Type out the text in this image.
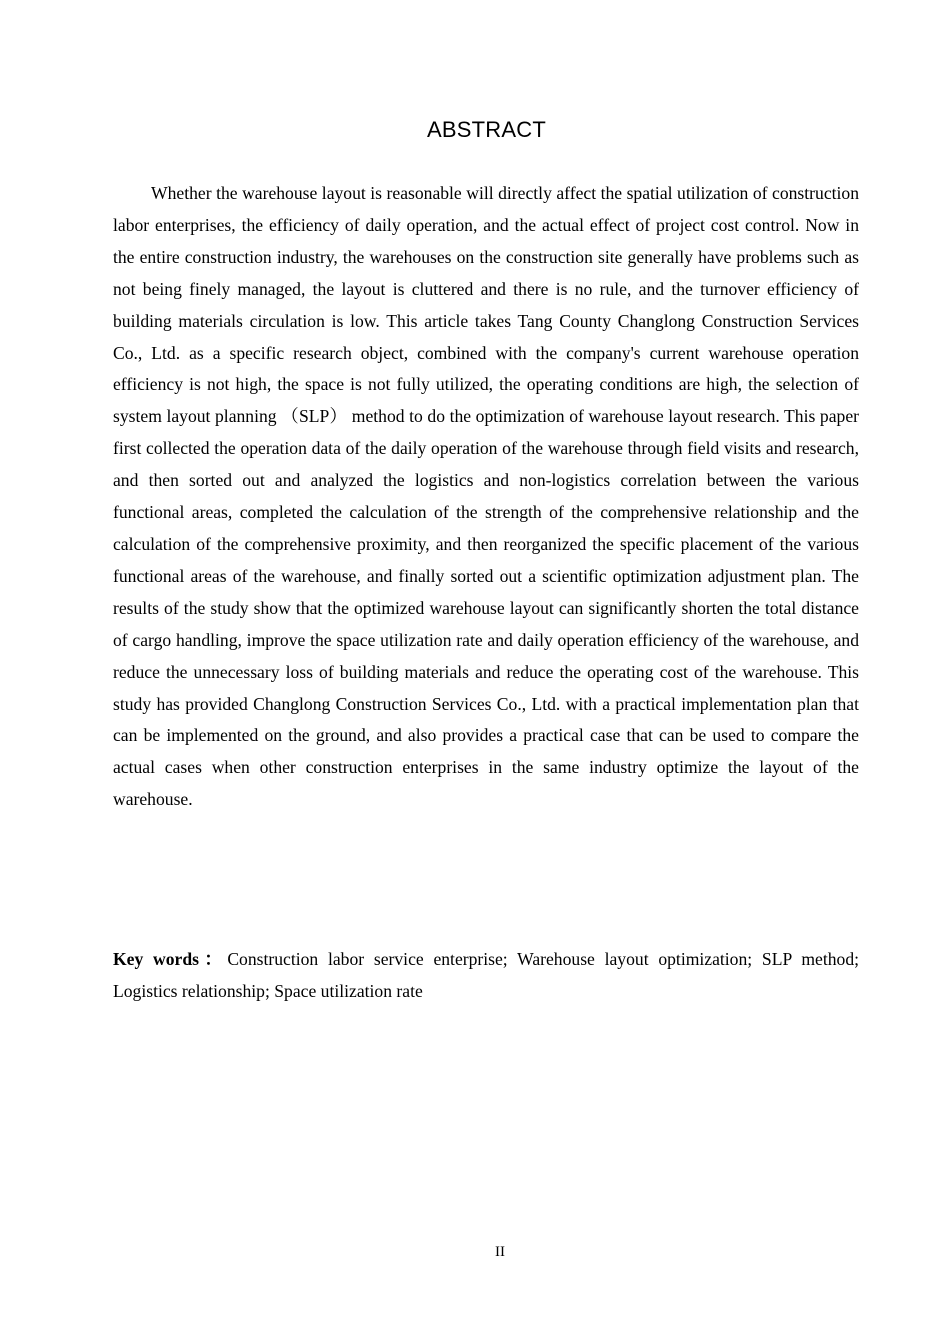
ABSTRACT

Whether the warehouse layout is reasonable will directly affect the spatial utilization of construction labor enterprises, the efficiency of daily operation, and the actual effect of project cost control. Now in the entire construction industry, the warehouses on the construction site generally have problems such as not being finely managed, the layout is cluttered and there is no rule, and the turnover efficiency of building materials circulation is low. This article takes Tang County Changlong Construction Services Co., Ltd. as a specific research object, combined with the company's current warehouse operation efficiency is not high, the space is not fully utilized, the operating conditions are high, the selection of system layout planning （SLP） method to do the optimization of warehouse layout research. This paper first collected the operation data of the daily operation of the warehouse through field visits and research, and then sorted out and analyzed the logistics and non-logistics correlation between the various functional areas, completed the calculation of the strength of the comprehensive relationship and the calculation of the comprehensive proximity, and then reorganized the specific placement of the various functional areas of the warehouse, and finally sorted out a scientific optimization adjustment plan. The results of the study show that the optimized warehouse layout can significantly shorten the total distance of cargo handling, improve the space utilization rate and daily operation efficiency of the warehouse, and reduce the unnecessary loss of building materials and reduce the operating cost of the warehouse. This study has provided Changlong Construction Services Co., Ltd. with a practical implementation plan that can be implemented on the ground, and also provides a practical case that can be used to compare the actual cases when other construction enterprises in the same industry optimize the layout of the warehouse.

Key words：Construction labor service enterprise; Warehouse layout optimization; SLP method; Logistics relationship; Space utilization rate

II
